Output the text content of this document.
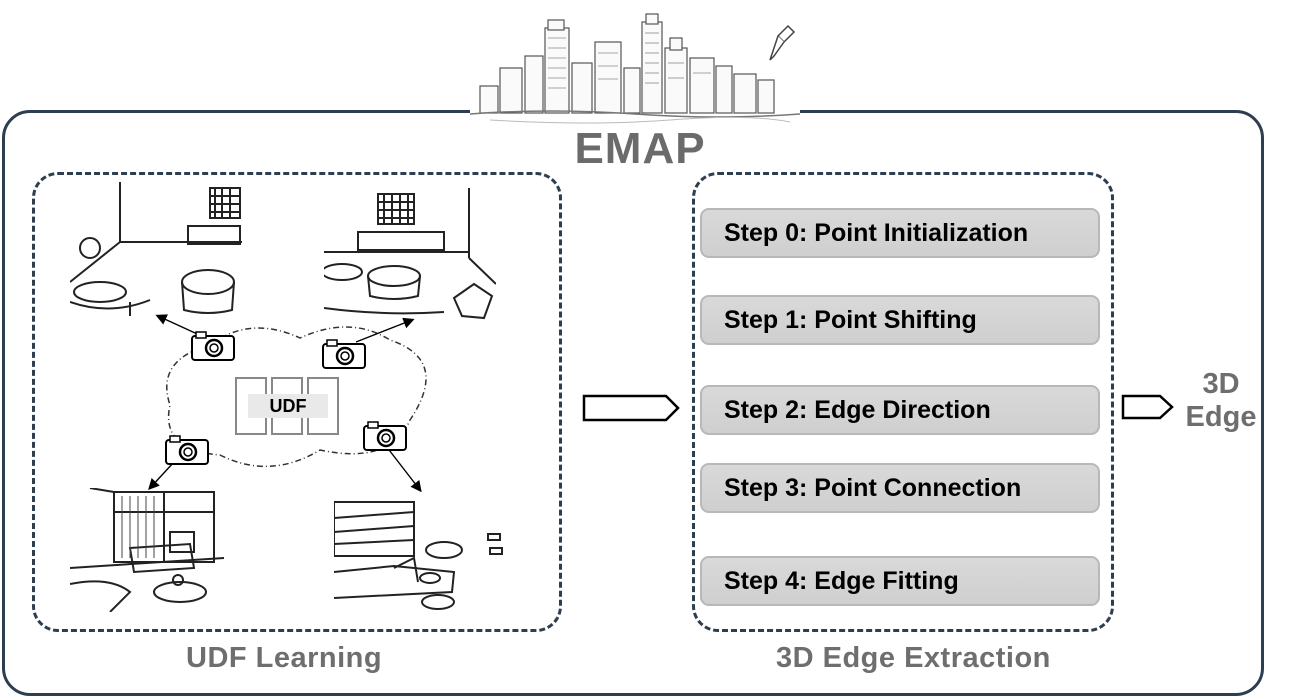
EMAP
UDF
UDF Learning
Step 0: Point Initialization
Step 1: Point Shifting
Step 2: Edge Direction
Step 3: Point Connection
Step 4: Edge Fitting
3D Edge Extraction
3D
Edge
